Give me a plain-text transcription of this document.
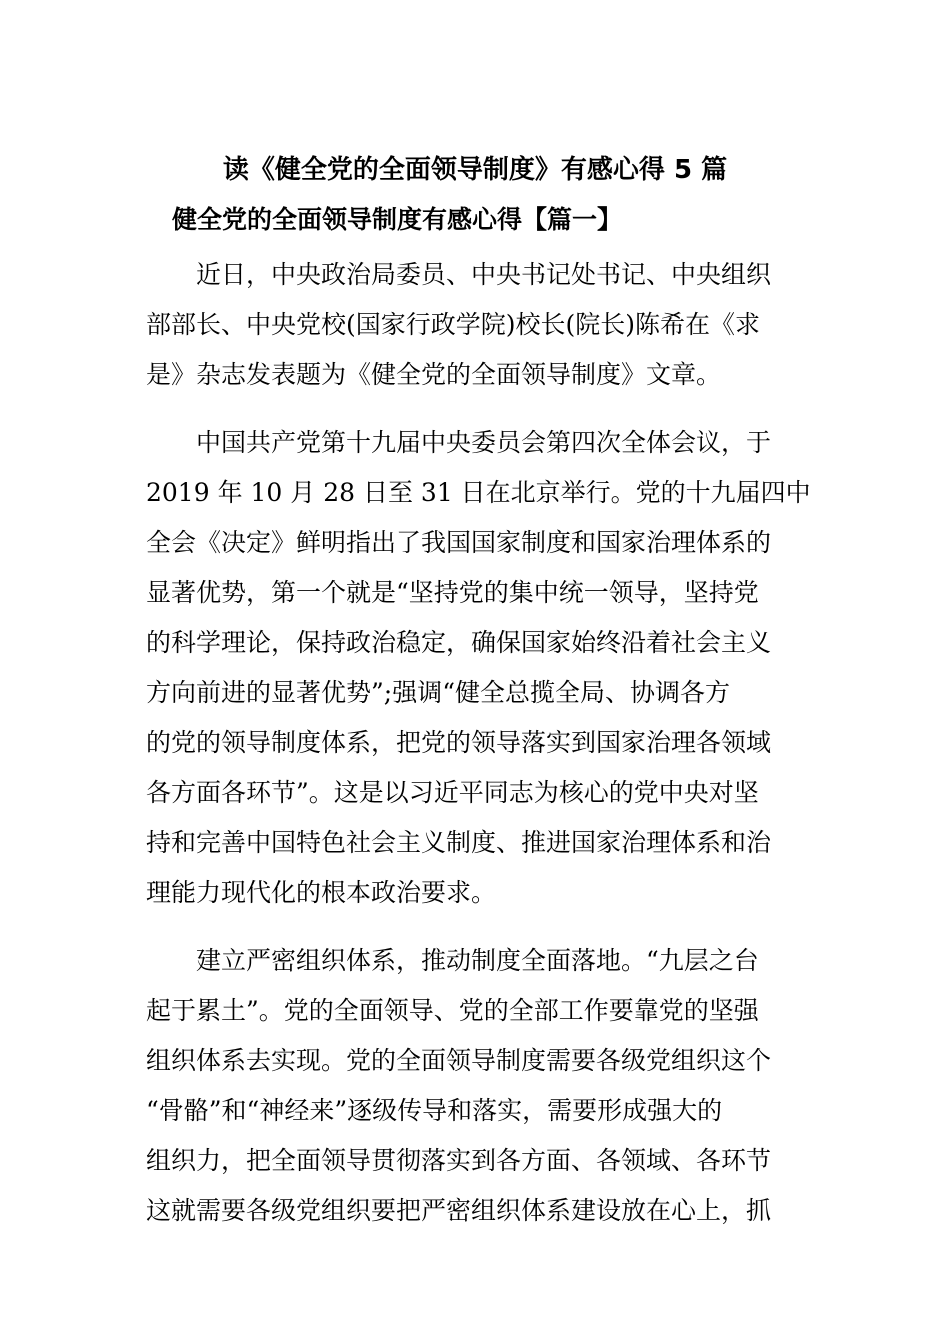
读《健全党的全面领导制度》有感心得 5 篇
健全党的全面领导制度有感心得【篇一】
近日，中央政治局委员、中央书记处书记、中央组织
部部长、中央党校(国家行政学院)校长(院长)陈希在《求
是》杂志发表题为《健全党的全面领导制度》文章。
中国共产党第十九届中央委员会第四次全体会议，于
2019 年 10 月 28 日至 31 日在北京举行。党的十九届四中
全会《决定》鲜明指出了我国国家制度和国家治理体系的
显著优势，第一个就是“坚持党的集中统一领导，坚持党
的科学理论，保持政治稳定，确保国家始终沿着社会主义
方向前进的显著优势”;强调“健全总揽全局、协调各方
的党的领导制度体系，把党的领导落实到国家治理各领域
各方面各环节”。这是以习近平同志为核心的党中央对坚
持和完善中国特色社会主义制度、推进国家治理体系和治
理能力现代化的根本政治要求。
建立严密组织体系，推动制度全面落地。“九层之台
起于累土”。党的全面领导、党的全部工作要靠党的坚强
组织体系去实现。党的全面领导制度需要各级党组织这个
“骨骼”和“神经来”逐级传导和落实，需要形成强大的
组织力，把全面领导贯彻落实到各方面、各领域、各环节
这就需要各级党组织要把严密组织体系建设放在心上，抓
